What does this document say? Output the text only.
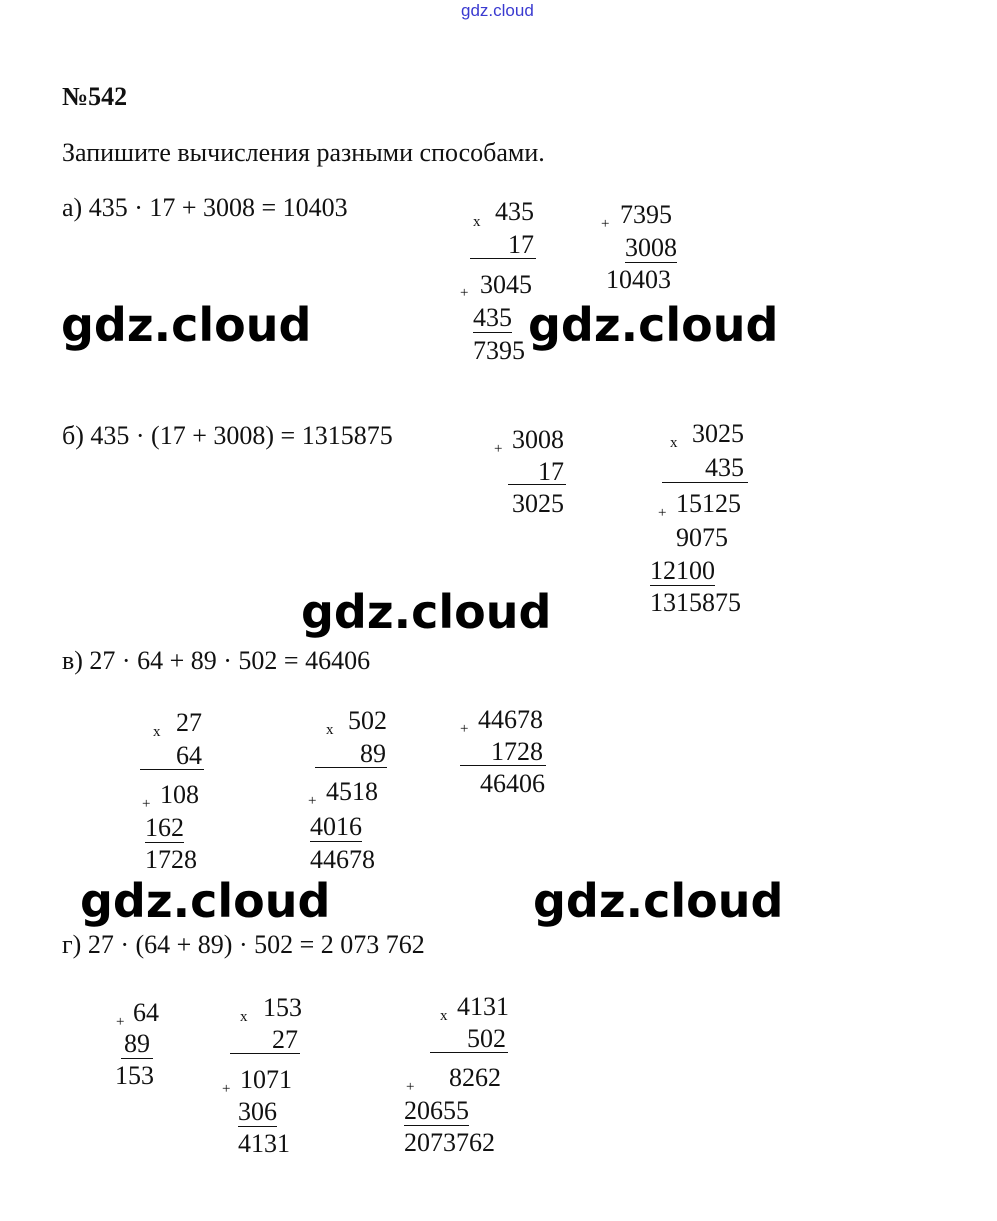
gdz.cloud
№542
Запишите вычисления разными способами.
а) 435 · 17 + 3008 = 10403	x 435
17
+ 3045
435
7395
+ 7395
3008
10403
gdz.cloud	gdz.cloud
б) 435 · (17 + 3008) = 1315875	+ 3008
17
3025
x 3025
435
+ 15125
9075
12100
1315875
gdz.cloud
в) 27 · 64 + 89 · 502 = 46406
x 27
64
+ 108
162
1728
x 502
89
+ 4518
4016
44678
+ 44678
1728
46406
gdz.cloud	gdz.cloud
г) 27 · (64 + 89) · 502 = 2 073 762
+ 64
89
153
x 153
27
+ 1071
306
4131
x 4131
502
+ 8262
20655
2073762
